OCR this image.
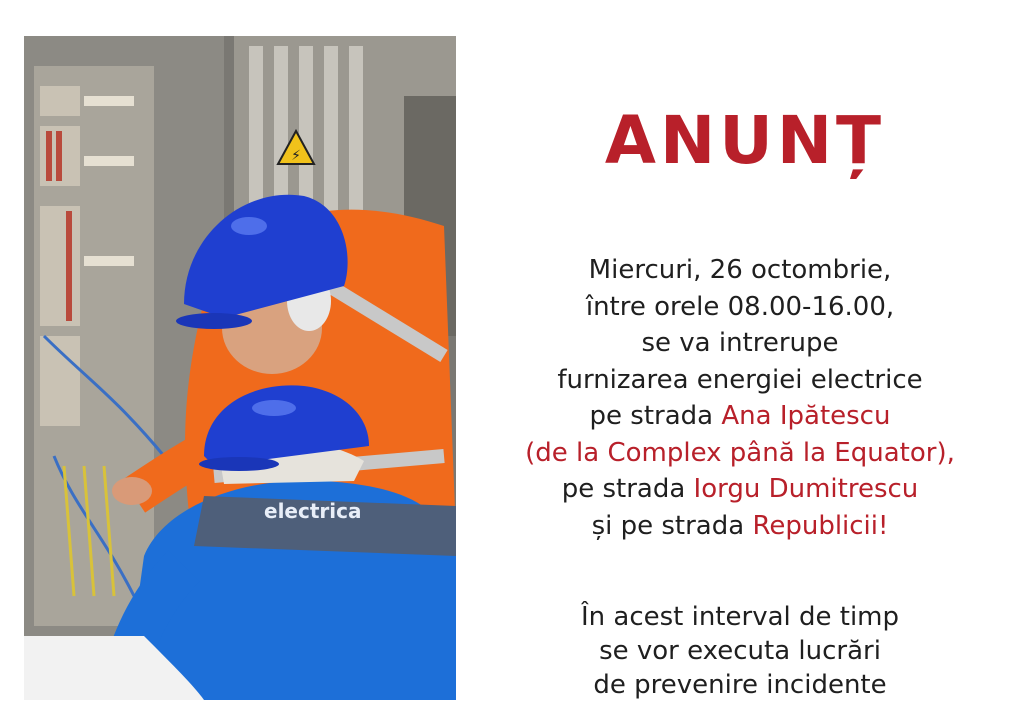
⚡
electrica
ANUNȚ
Miercuri, 26 octombrie,
între orele 08.00-16.00,
se va intrerupe
furnizarea energiei electrice
pe strada Ana Ipătescu
(de la Complex până la Equator),
pe strada Iorgu Dumitrescu
și pe strada Republicii!
În acest interval de timp
se vor executa lucrări
de prevenire incidente
